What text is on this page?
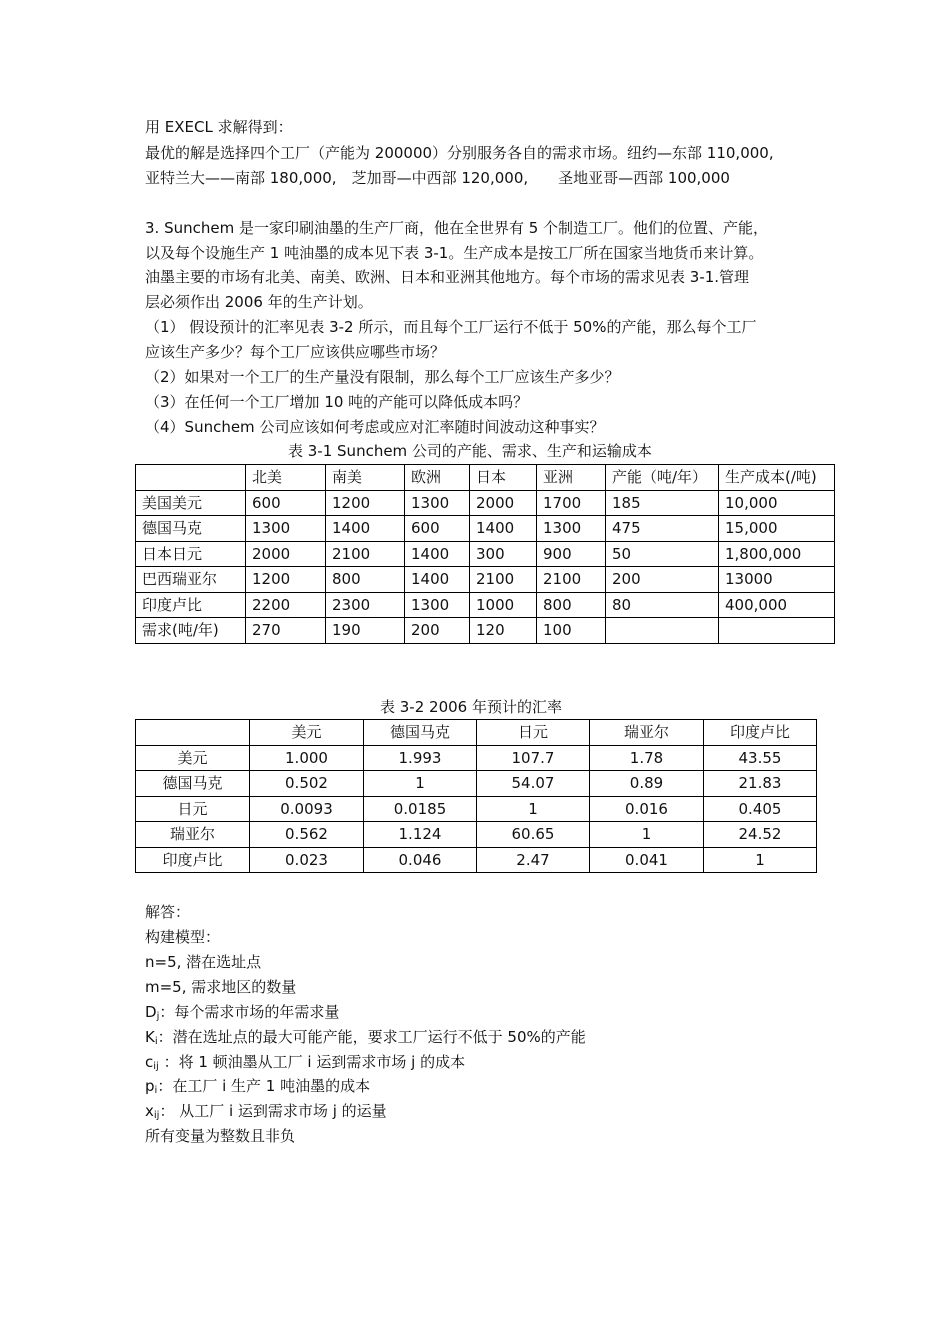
用 EXECL 求解得到：
最优的解是选择四个工厂（产能为 200000）分别服务各自的需求市场。纽约—东部 110,000,
亚特兰大——南部 180,000,　芝加哥—中西部 120,000,　　圣地亚哥—西部 100,000
3. Sunchem 是一家印刷油墨的生产厂商，他在全世界有 5 个制造工厂。他们的位置、产能，
以及每个设施生产 1 吨油墨的成本见下表 3-1。生产成本是按工厂所在国家当地货币来计算。
油墨主要的市场有北美、南美、欧洲、日本和亚洲其他地方。每个市场的需求见表 3-1.管理
层必须作出 2006 年的生产计划。
（1） 假设预计的汇率见表 3-2 所示，而且每个工厂运行不低于 50%的产能，那么每个工厂
应该生产多少？每个工厂应该供应哪些市场？
（2）如果对一个工厂的生产量没有限制，那么每个工厂应该生产多少？
（3）在任何一个工厂增加 10 吨的产能可以降低成本吗？
（4）Sunchem 公司应该如何考虑或应对汇率随时间波动这种事实？
表 3-1 Sunchem 公司的产能、需求、生产和运输成本
	北美	南美	欧洲	日本	亚洲	产能（吨/年）	生产成本(/吨)
美国美元	600	1200	1300	2000	1700	185	10,000
德国马克	1300	1400	600	1400	1300	475	15,000
日本日元	2000	2100	1400	300	900	50	1,800,000
巴西瑞亚尔	1200	800	1400	2100	2100	200	13000
印度卢比	2200	2300	1300	1000	800	80	400,000
需求(吨/年)	270	190	200	120	100		
表 3-2 2006 年预计的汇率
	美元	德国马克	日元	瑞亚尔	印度卢比
美元	1.000	1.993	107.7	1.78	43.55
德国马克	0.502	1	54.07	0.89	21.83
日元	0.0093	0.0185	1	0.016	0.405
瑞亚尔	0.562	1.124	60.65	1	24.52
印度卢比	0.023	0.046	2.47	0.041	1
解答：
构建模型：
n=5, 潜在选址点
m=5, 需求地区的数量
$D_j$：每个需求市场的年需求量
$K_i$：潜在选址点的最大可能产能，要求工厂运行不低于 50%的产能
$c_{ij}$ ：将 1 顿油墨从工厂 i 运到需求市场 j 的成本
$p_i$：在工厂 i 生产 1 吨油墨的成本
$x_{ij}$： 从工厂 i 运到需求市场 j 的运量
所有变量为整数且非负
